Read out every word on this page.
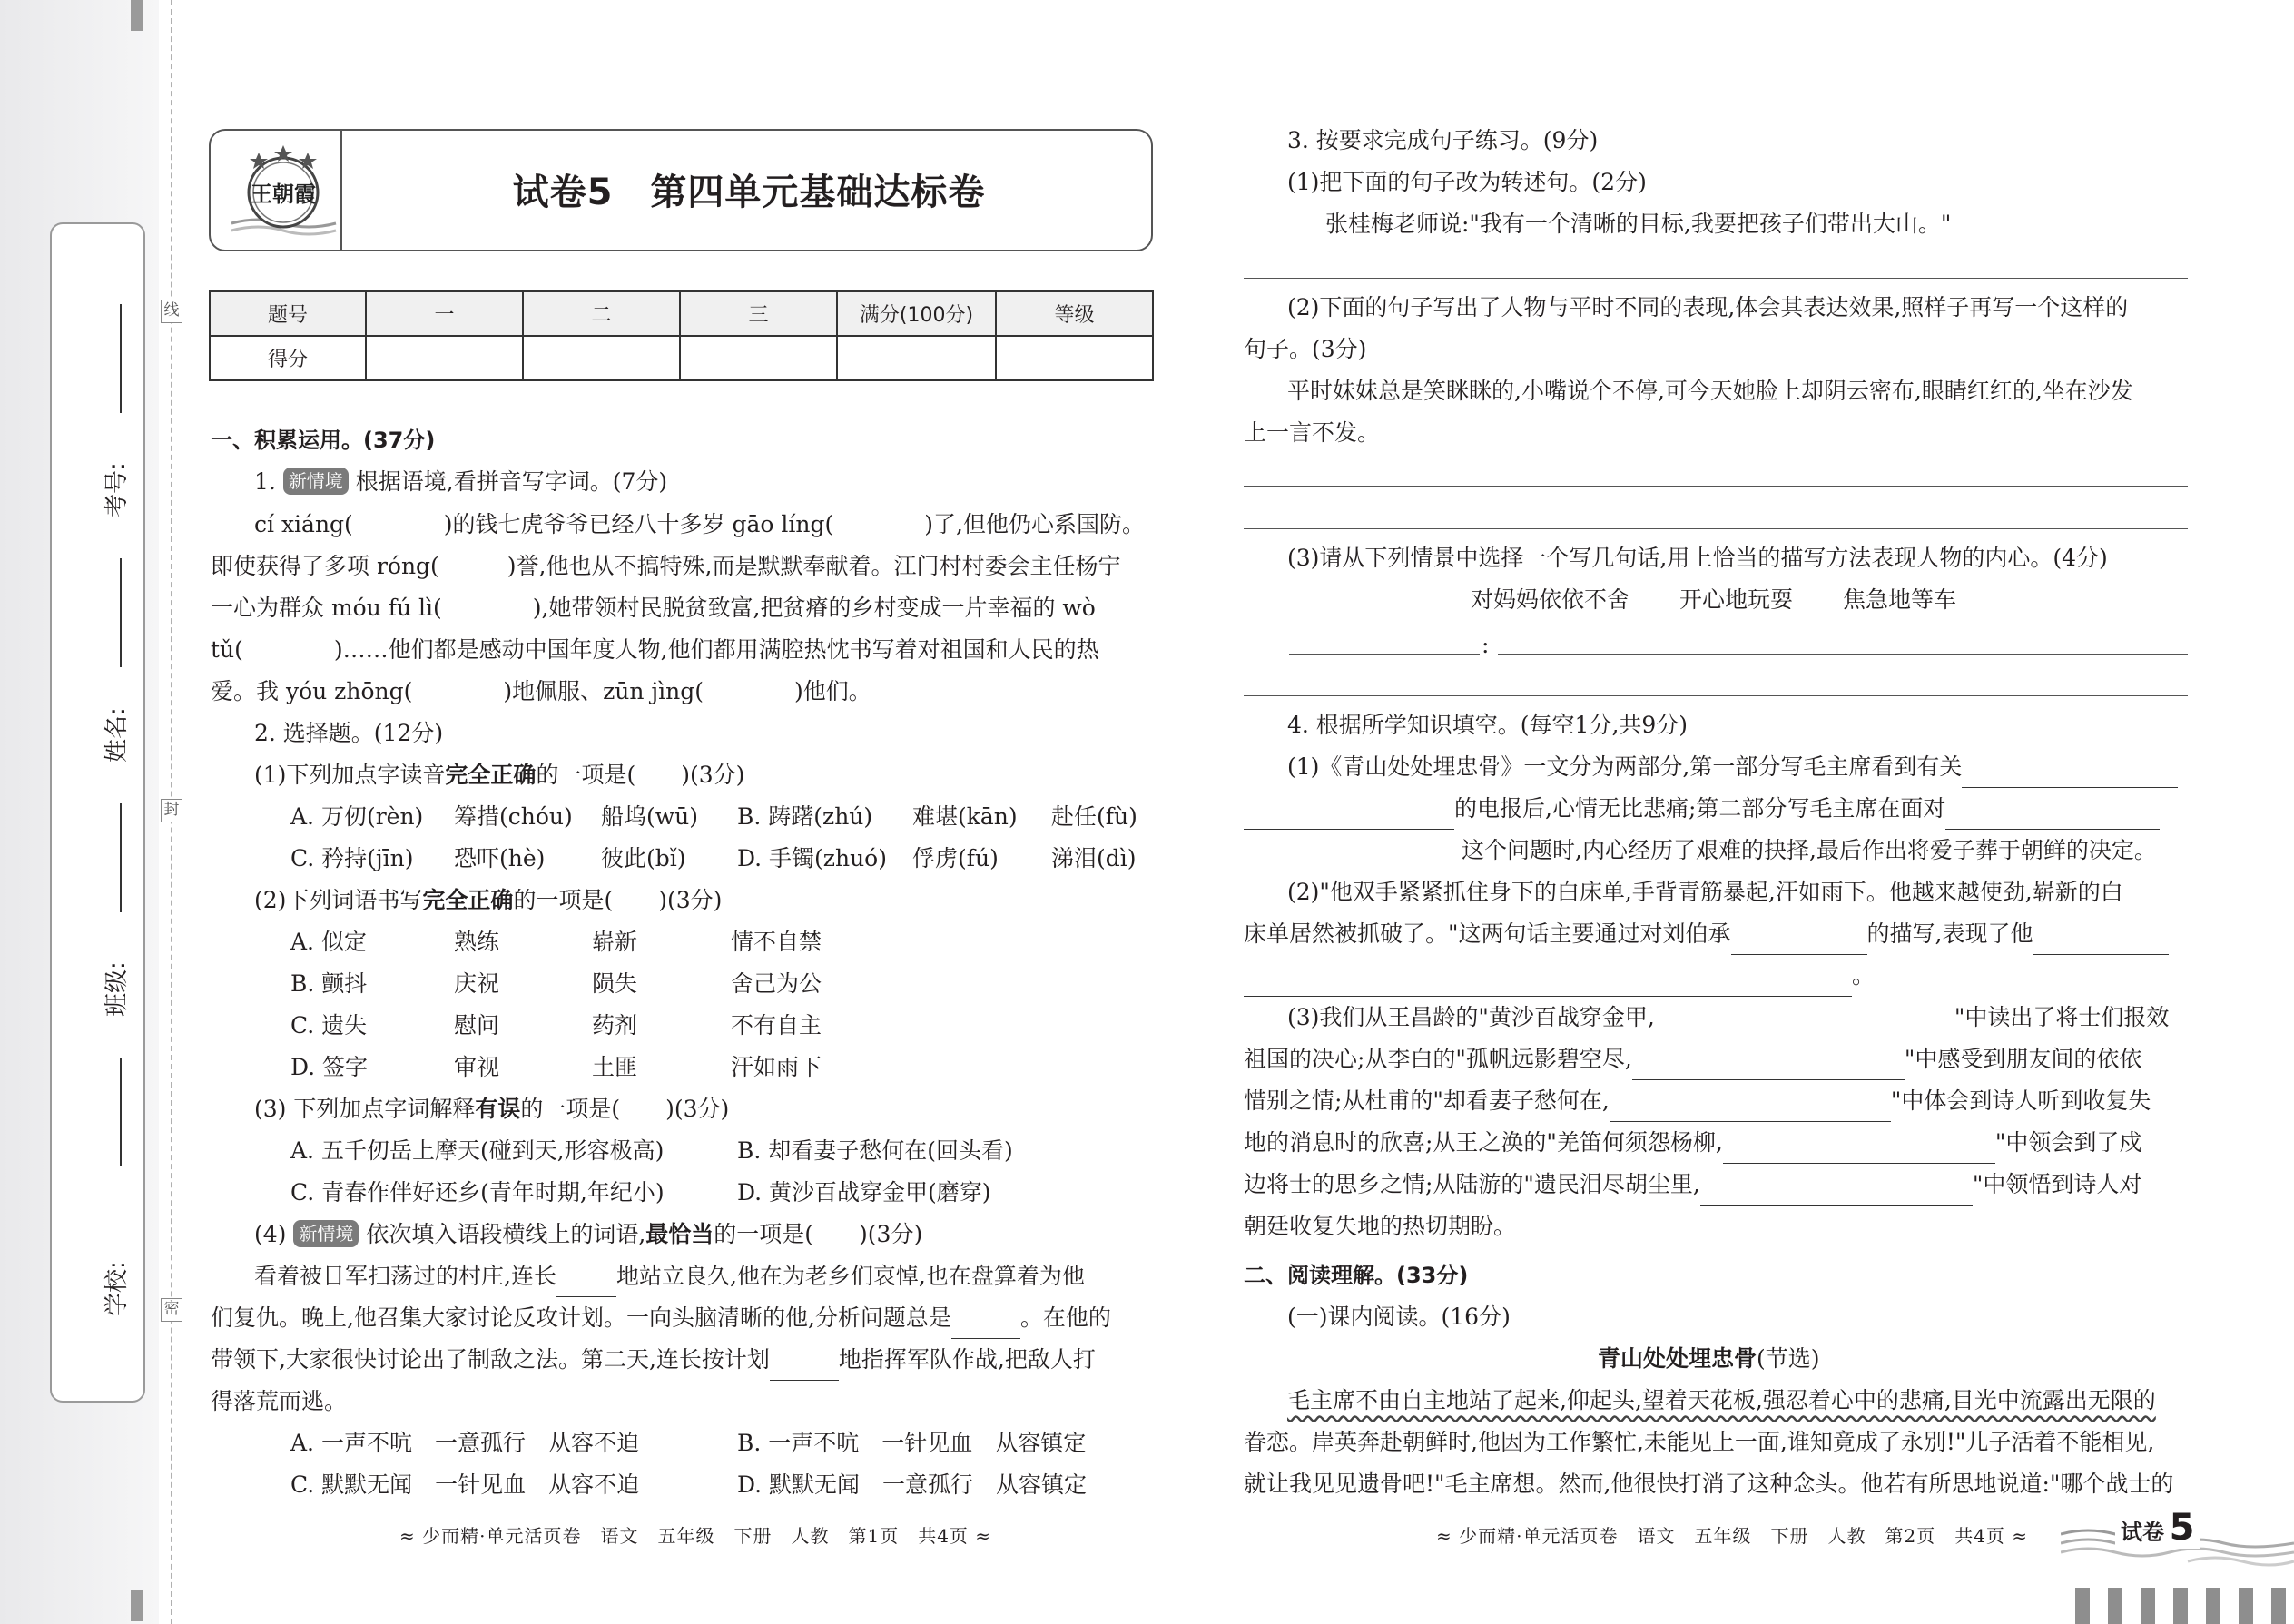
线
封
密
考号:
姓名:
班级:
学校:
王朝霞	试卷5　第四单元基础达标卷
题号	一	二	三	满分(100分)	等级
得分					
一、积累运用。(37分)
1. 新情境 根据语境,看拼音写字词。(7分)
cí xiáng(　　　　)的钱七虎爷爷已经八十多岁 gāo líng(　　　　)了,但他仍心系国防。
即使获得了多项 róng(　　　)誉,他也从不搞特殊,而是默默奉献着。江门村村委会主任杨宁
一心为群众 móu fú lì(　　　　),她带领村民脱贫致富,把贫瘠的乡村变成一片幸福的 wò
tǔ(　　　　)……他们都是感动中国年度人物,他们都用满腔热忱书写着对祖国和人民的热
爱。我 yóu zhōng(　　　　)地佩服、zūn jìng(　　　　)他们。
2. 选择题。(12分)
(1)下列加点字读音完全正确的一项是(　　)(3分)
A. 万仞(rèn) 筹措(chóu) 船坞(wū) B. 踌躇(zhú) 难堪(kān) 赴任(fù)
C. 矜持(jīn) 恐吓(hè) 彼此(bǐ) D. 手镯(zhuó) 俘虏(fú) 涕泪(dì)
(2)下列词语书写完全正确的一项是(　　)(3分)
A. 似定	熟练	崭新	情不自禁
B. 颤抖	庆祝	陨失	舍己为公
C. 遗失	慰问	药剂	不有自主
D. 签字	审视	土匪	汗如雨下
(3) 下列加点字词解释有误的一项是(　　)(3分)
A. 五千仞岳上摩天(碰到天,形容极高)	B. 却看妻子愁何在(回头看)
C. 青春作伴好还乡(青年时期,年纪小)	D. 黄沙百战穿金甲(磨穿)
(4) 新情境 依次填入语段横线上的词语,最恰当的一项是(　　)(3分)
看着被日军扫荡过的村庄,连长	地站立良久,他在为老乡们哀悼,也在盘算着为他
们复仇。晚上,他召集大家讨论反攻计划。一向头脑清晰的他,分析问题总是	。在他的
带领下,大家很快讨论出了制敌之法。第二天,连长按计划	地指挥军队作战,把敌人打
得落荒而逃。
A. 一声不吭　一意孤行　从容不迫	B. 一声不吭　一针见血　从容镇定
C. 默默无闻　一针见血　从容不迫	D. 默默无闻　一意孤行　从容镇定
≈ 少而精·单元活页卷　语文　五年级　下册　人教　第1页　共4页 ≈
3. 按要求完成句子练习。(9分)
(1)把下面的句子改为转述句。(2分)
张桂梅老师说:"我有一个清晰的目标,我要把孩子们带出大山。"
(2)下面的句子写出了人物与平时不同的表现,体会其表达效果,照样子再写一个这样的
句子。(3分)
平时妹妹总是笑眯眯的,小嘴说个不停,可今天她脸上却阴云密布,眼睛红红的,坐在沙发
上一言不发。
(3)请从下列情景中选择一个写几句话,用上恰当的描写方法表现人物的内心。(4分)
对妈妈依依不舍 开心地玩耍 焦急地等车
:
4. 根据所学知识填空。(每空1分,共9分)
(1)《青山处处埋忠骨》一文分为两部分,第一部分写毛主席看到有关
的电报后,心情无比悲痛;第二部分写毛主席在面对
这个问题时,内心经历了艰难的抉择,最后作出将爱子葬于朝鲜的决定。
(2)"他双手紧紧抓住身下的白床单,手背青筋暴起,汗如雨下。他越来越使劲,崭新的白
床单居然被抓破了。"这两句话主要通过对刘伯承	的描写,表现了他
。
(3)我们从王昌龄的"黄沙百战穿金甲,	"中读出了将士们报效
祖国的决心;从李白的"孤帆远影碧空尽,	"中感受到朋友间的依依
惜别之情;从杜甫的"却看妻子愁何在,	"中体会到诗人听到收复失
地的消息时的欣喜;从王之涣的"羌笛何须怨杨柳,	"中领会到了戍
边将士的思乡之情;从陆游的"遗民泪尽胡尘里,	"中领悟到诗人对
朝廷收复失地的热切期盼。
二、阅读理解。(33分)
(一)课内阅读。(16分)
青山处处埋忠骨(节选)
毛主席不由自主地站了起来,仰起头,望着天花板,强忍着心中的悲痛,目光中流露出无限的
眷恋。岸英奔赴朝鲜时,他因为工作繁忙,未能见上一面,谁知竟成了永别!"儿子活着不能相见,
就让我见见遗骨吧!"毛主席想。然而,他很快打消了这种念头。他若有所思地说道:"哪个战士的
≈ 少而精·单元活页卷　语文　五年级　下册　人教　第2页　共4页 ≈	试卷 5
